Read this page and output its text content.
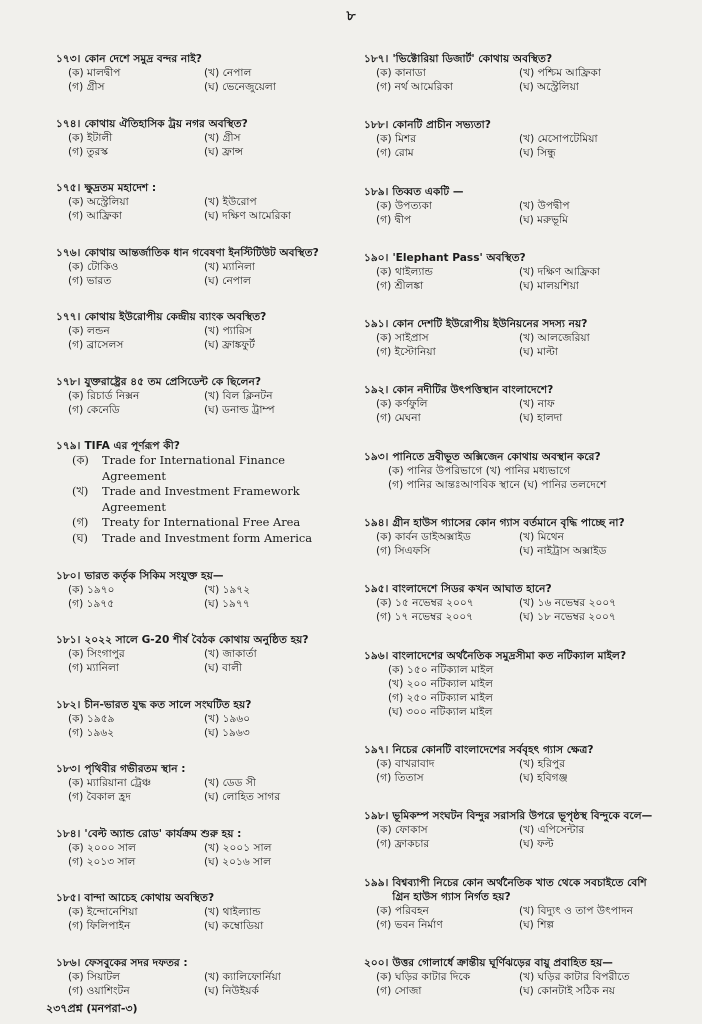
৮
১৭৩। কোন দেশে সমুদ্র বন্দর নাই?
(ক) মালদ্বীপ	(খ) নেপাল
(গ) গ্রীস	(ঘ) ভেনেজুয়েলা
১৭৪। কোথায় ঐতিহাসিক ট্রয় নগর অবস্থিত?
(ক) ইটালী	(খ) গ্রীস
(গ) তুরস্ক	(ঘ) ফ্রান্স
১৭৫। ক্ষুদ্রতম মহাদেশ :
(ক) অস্ট্রেলিয়া	(খ) ইউরোপ
(গ) আফ্রিকা	(ঘ) দক্ষিণ আমেরিকা
১৭৬। কোথায় আন্তর্জাতিক ধান গবেষণা ইনস্টিটিউট অবস্থিত?
(ক) টোকিও	(খ) ম্যানিলা
(গ) ভারত	(ঘ) নেপাল
১৭৭। কোথায় ইউরোপীয় কেন্দ্রীয় ব্যাংক অবস্থিত?
(ক) লন্ডন	(খ) প্যারিস
(গ) ব্রাসেলস	(ঘ) ফ্রাঙ্কফুর্ট
১৭৮। যুক্তরাষ্ট্রের ৪৫ তম প্রেসিডেন্ট কে ছিলেন?
(ক) রিচার্ড নিক্সন	(খ) বিল ক্লিনটন
(গ) কেনেডি	(ঘ) ডনাল্ড ট্রাম্প
১৭৯। TIFA এর পূর্ণরূপ কী?
(ক)	Trade for International Finance Agreement
(খ)	Trade and Investment Framework Agreement
(গ)	Treaty for International Free Area
(ঘ)	Trade and Investment form America
১৮০। ভারত কর্তৃক সিকিম সংযুক্ত হয়—
(ক) ১৯৭০	(খ) ১৯৭২
(গ) ১৯৭৫	(ঘ) ১৯৭৭
১৮১। ২০২২ সালে G-20 শীর্ষ বৈঠক কোথায় অনুষ্ঠিত হয়?
(ক) সিংগাপুর	(খ) জাকার্তা
(গ) ম্যানিলা	(ঘ) বালী
১৮২। চীন-ভারত যুদ্ধ কত সালে সংঘটিত হয়?
(ক) ১৯৫৯	(খ) ১৯৬০
(গ) ১৯৬২	(ঘ) ১৯৬৩
১৮৩। পৃথিবীর গভীরতম স্থান :
(ক) ম্যারিয়ানা ট্রেঞ্চ	(খ) ডেড সী
(গ) বৈকাল হ্রদ	(ঘ) লোহিত সাগর
১৮৪। 'বেল্ট অ্যান্ড রোড' কার্যক্রম শুরু হয় :
(ক) ২০০০ সাল	(খ) ২০০১ সাল
(গ) ২০১৩ সাল	(ঘ) ২০১৬ সাল
১৮৫। বান্দা আচেহ কোথায় অবস্থিত?
(ক) ইন্দোনেশিয়া	(খ) থাইল্যান্ড
(গ) ফিলিপাইন	(ঘ) কম্বোডিয়া
১৮৬। ফেসবুকের সদর দফতর :
(ক) সিয়াটল	(খ) ক্যালিফোর্নিয়া
(গ) ওয়াশিংটন	(ঘ) নিউইয়র্ক
১৮৭। 'ভিক্টোরিয়া ডিজার্ট' কোথায় অবস্থিত?
(ক) কানাডা	(খ) পশ্চিম আফ্রিকা
(গ) নর্থ আমেরিকা	(ঘ) অস্ট্রেলিয়া
১৮৮। কোনটি প্রাচীন সভ্যতা?
(ক) মিশর	(খ) মেসোপটেমিয়া
(গ) রোম	(ঘ) সিন্ধু
১৮৯। তিব্বত একটি —
(ক) উপত্যকা	(খ) উপদ্বীপ
(গ) দ্বীপ	(ঘ) মরুভূমি
১৯০। 'Elephant Pass' অবস্থিত?
(ক) থাইল্যান্ড	(খ) দক্ষিণ আফ্রিকা
(গ) শ্রীলঙ্কা	(ঘ) মালয়শিয়া
১৯১। কোন দেশটি ইউরোপীয় ইউনিয়নের সদস্য নয়?
(ক) সাইপ্রাস	(খ) আলজেরিয়া
(গ) ইস্টোনিয়া	(ঘ) মাল্টা
১৯২। কোন নদীটির উৎপত্তিস্থান বাংলাদেশে?
(ক) কর্ণফুলি	(খ) নাফ
(গ) মেঘনা	(ঘ) হালদা
১৯৩। পানিতে দ্রবীভূত অক্সিজেন কোথায় অবস্থান করে?
(ক) পানির উপরিভাগে (খ) পানির মধ্যভাগে
(গ) পানির আন্তঃআণবিক স্থানে (ঘ) পানির তলদেশে
১৯৪। গ্রীন হাউস গ্যাসের কোন গ্যাস বর্তমানে বৃদ্ধি পাচ্ছে না?
(ক) কার্বন ডাইঅক্সাইড	(খ) মিথেন
(গ) সিএফসি	(ঘ) নাইট্রাস অক্সাইড
১৯৫। বাংলাদেশে সিডর কখন আঘাত হানে?
(ক) ১৫ নভেম্বর ২০০৭	(খ) ১৬ নভেম্বর ২০০৭
(গ) ১৭ নভেম্বর ২০০৭	(ঘ) ১৮ নভেম্বর ২০০৭
১৯৬। বাংলাদেশের অর্থনৈতিক সমুদ্রসীমা কত নটিক্যাল মাইল?
(ক) ১৫০ নটিক্যাল মাইল
(খ) ২০০ নটিক্যাল মাইল
(গ) ২৫০ নটিক্যাল মাইল
(ঘ) ৩০০ নটিক্যাল মাইল
১৯৭। নিচের কোনটি বাংলাদেশের সর্ববৃহৎ গ্যাস ক্ষেত্র?
(ক) বাখরাবাদ	(খ) হরিপুর
(গ) তিতাস	(ঘ) হবিগঞ্জ
১৯৮। ভূমিকম্প সংঘটন বিন্দুর সরাসরি উপরে ভূপৃষ্ঠস্থ বিন্দুকে বলে—
(ক) ফোকাস	(খ) এপিসেন্টার
(গ) ফ্রাকচার	(ঘ) ফল্ট
১৯৯। বিশ্বব্যাপী নিচের কোন অর্থনৈতিক খাত থেকে সবচাইতে বেশি গ্রিন হাউস গ্যাস নির্গত হয়?
(ক) পরিবহন	(খ) বিদ্যুৎ ও তাপ উৎপাদন
(গ) ভবন নির্মাণ	(ঘ) শিল্প
২০০। উত্তর গোলার্ধে ক্রান্তীয় ঘূর্ণিঝড়ের বায়ু প্রবাহিত হয়—
(ক) ঘড়ির কাটার দিকে	(খ) ঘড়ির কাটার বিপরীতে
(গ) সোজা	(ঘ) কোনটাই সঠিক নয়
২৩৭প্রশ্ন (মনপরা-৩)
